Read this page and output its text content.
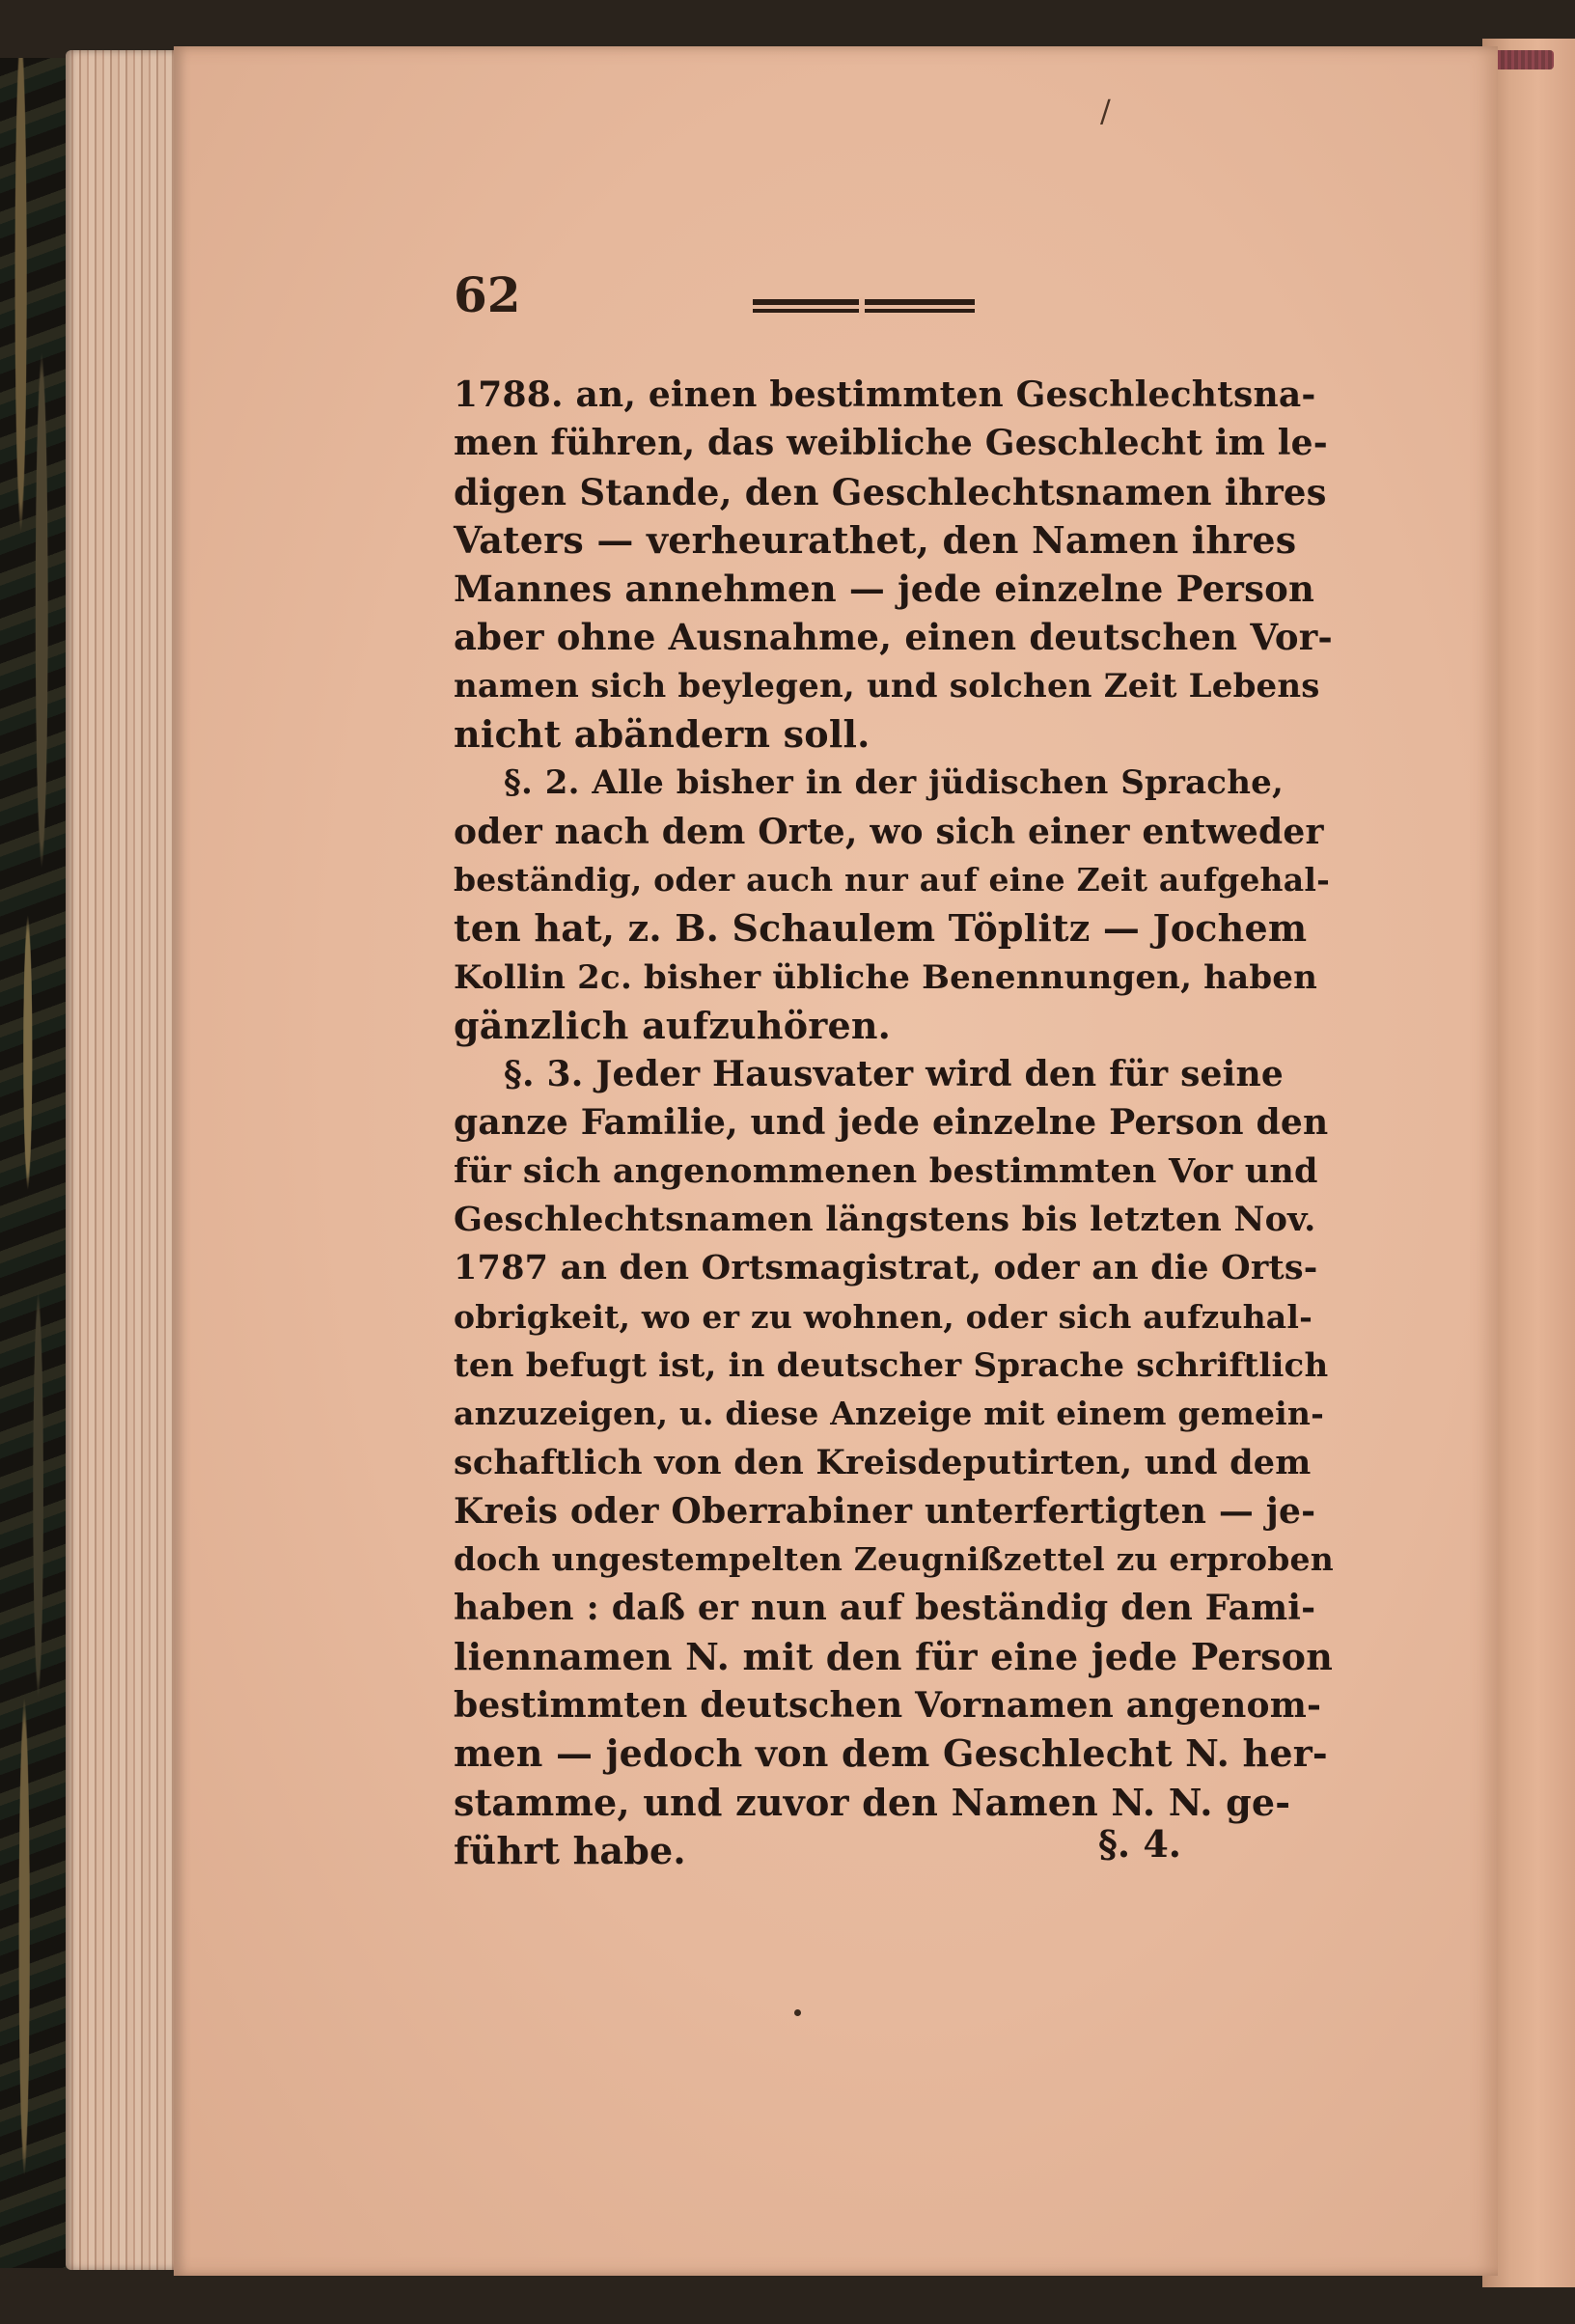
/
62
1788. an, einen bestimmten Geschlechtsna-
men führen, das weibliche Geschlecht im le-
digen Stande, den Geschlechtsnamen ihres
Vaters — verheurathet, den Namen ihres
Mannes annehmen — jede einzelne Person
aber ohne Ausnahme, einen deutschen Vor-
namen sich beylegen, und solchen Zeit Lebens
nicht abändern soll.
§. 2. Alle bisher in der jüdischen Sprache,
oder nach dem Orte, wo sich einer entweder
beständig, oder auch nur auf eine Zeit aufgehal-
ten hat, z. B. Schaulem Töplitz — Jochem
Kollin 2c. bisher übliche Benennungen, haben
gänzlich aufzuhören.
§. 3. Jeder Hausvater wird den für seine
ganze Familie, und jede einzelne Person den
für sich angenommenen bestimmten Vor und
Geschlechtsnamen längstens bis letzten Nov.
1787 an den Ortsmagistrat, oder an die Orts-
obrigkeit, wo er zu wohnen, oder sich aufzuhal-
ten befugt ist, in deutscher Sprache schriftlich
anzuzeigen, u. diese Anzeige mit einem gemein-
schaftlich von den Kreisdeputirten, und dem
Kreis oder Oberrabiner unterfertigten — je-
doch ungestempelten Zeugnißzettel zu erproben
haben : daß er nun auf beständig den Fami-
liennamen N. mit den für eine jede Person
bestimmten deutschen Vornamen angenom-
men — jedoch von dem Geschlecht N. her-
stamme, und zuvor den Namen N. N. ge-
führt habe.	§. 4.
